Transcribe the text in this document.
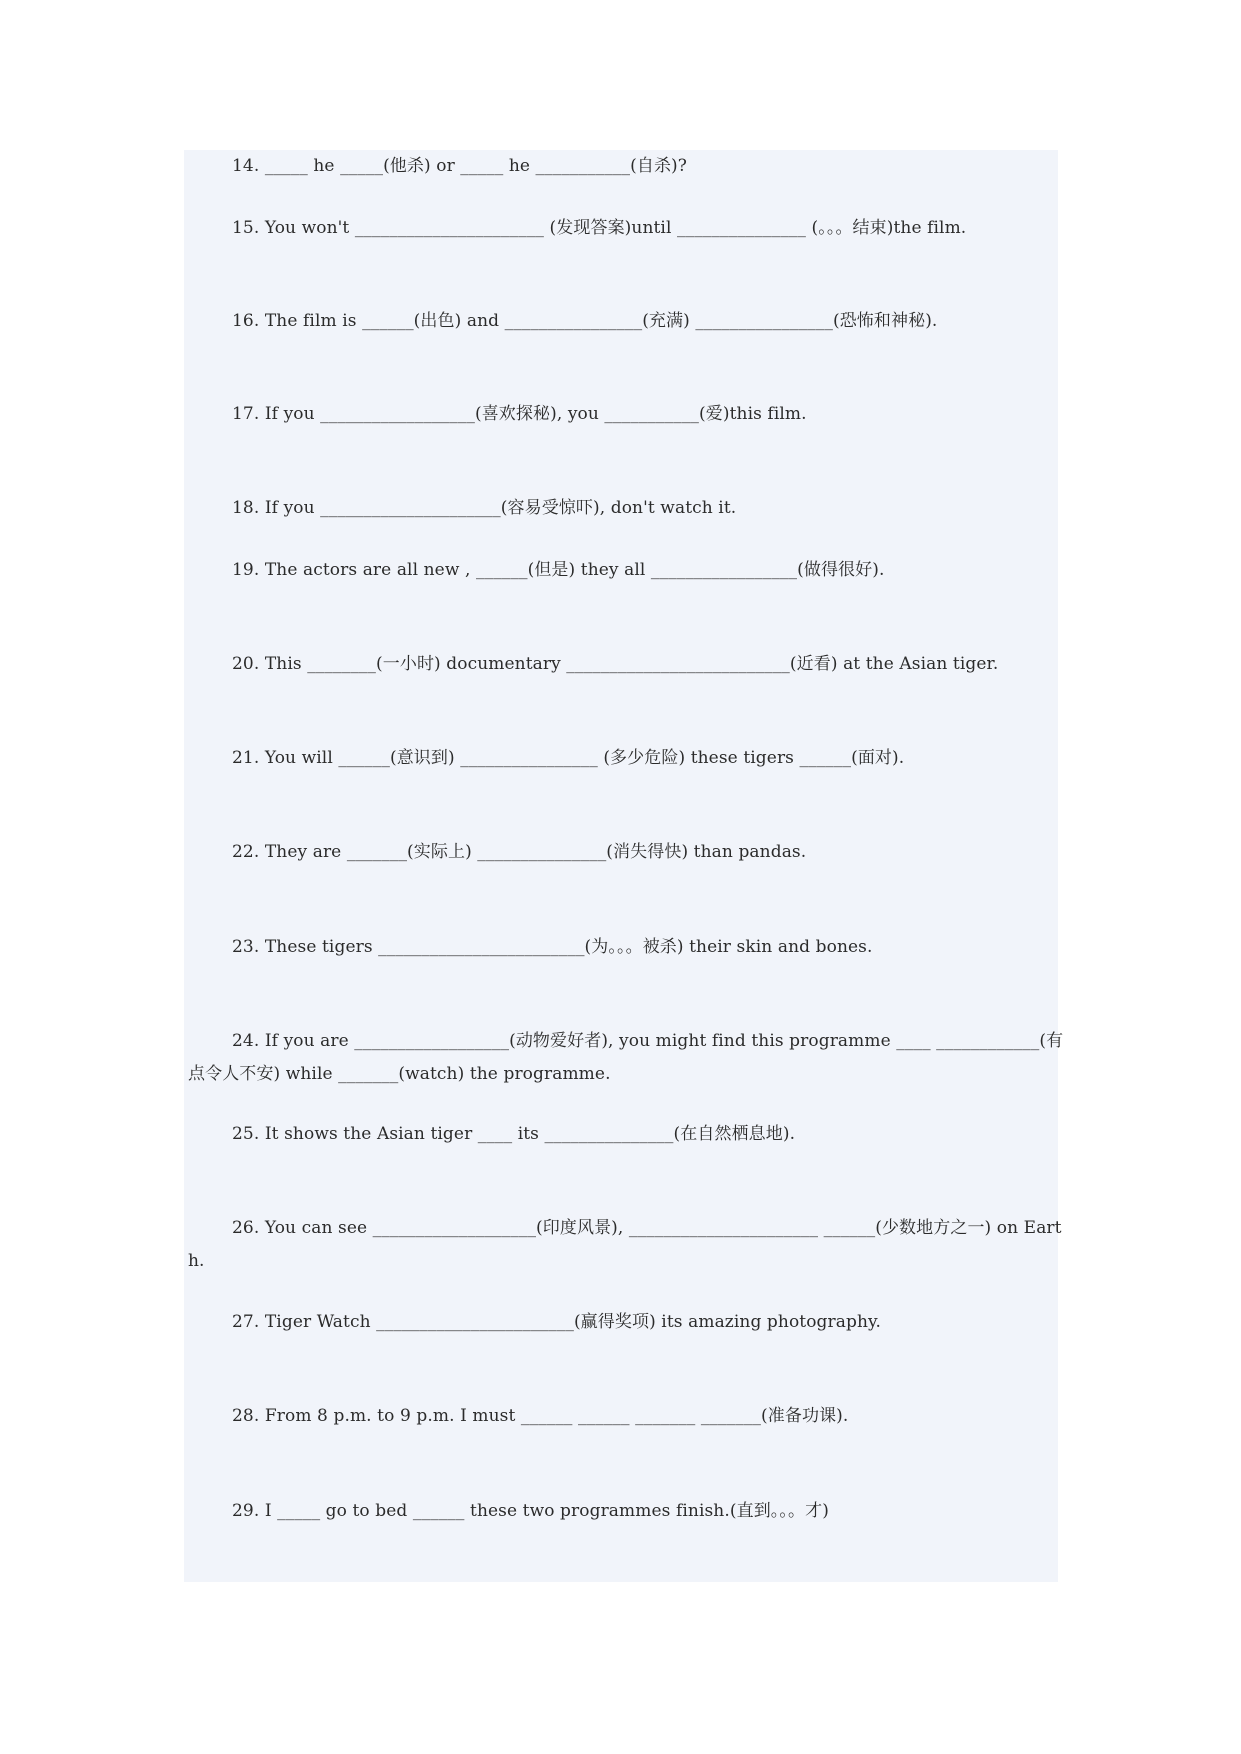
14. _____ he _____(他杀) or _____ he ___________(自杀)?
15. You won't ______________________ (发现答案)until _______________ (。。。结束)the film.
16. The film is ______(出色) and ________________(充满) ________________(恐怖和神秘).
17. If you __________________(喜欢探秘), you ___________(爱)this film.
18. If you _____________________(容易受惊吓), don't watch it.
19. The actors are all new , ______(但是) they all _________________(做得很好).
20. This ________(一小时) documentary __________________________(近看) at the Asian tiger.
21. You will ______(意识到) ________________ (多少危险) these tigers ______(面对).
22. They are _______(实际上) _______________(消失得快) than pandas.
23. These tigers ________________________(为。。。被杀) their skin and bones.
24. If you are __________________(动物爱好者), you might find this programme ____ ____________(有点令人不安) while _______(watch) the programme.
25. It shows the Asian tiger ____ its _______________(在自然栖息地).
26. You can see ___________________(印度风景), ______________________ ______(少数地方之一) on Earth.
27. Tiger Watch _______________________(赢得奖项) its amazing photography.
28. From 8 p.m. to 9 p.m. I must ______ ______ _______ _______(准备功课).
29. I _____ go to bed ______ these two programmes finish.(直到。。。才)
